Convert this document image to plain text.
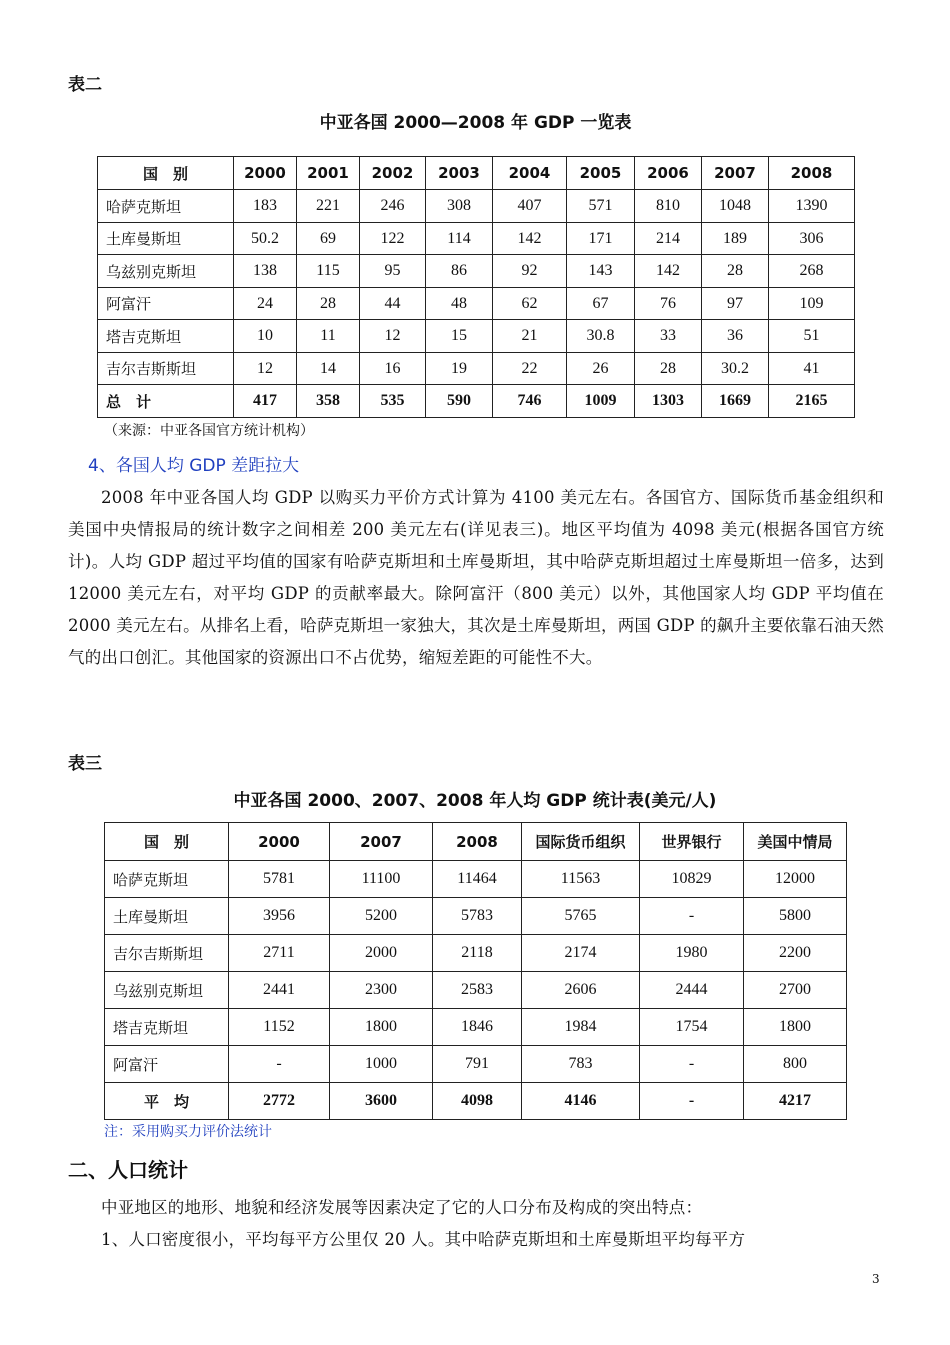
表二
中亚各国 2000—2008 年 GDP 一览表
国　别	2000	2001	2002	2003	2004	2005	2006	2007	2008
哈萨克斯坦	183	221	246	308	407	571	810	1048	1390
土库曼斯坦	50.2	69	122	114	142	171	214	189	306
乌兹别克斯坦	138	115	95	86	92	143	142	28	268
阿富汗	24	28	44	48	62	67	76	97	109
塔吉克斯坦	10	11	12	15	21	30.8	33	36	51
吉尔吉斯斯坦	12	14	16	19	22	26	28	30.2	41
总　计	417	358	535	590	746	1009	1303	1669	2165
（来源：中亚各国官方统计机构）
4、各国人均 GDP 差距拉大

2008 年中亚各国人均 GDP 以购买力平价方式计算为 4100 美元左右。各国官方、国际货币基金组织和美国中央情报局的统计数字之间相差 200 美元左右(详见表三)。地区平均值为 4098 美元(根据各国官方统计)。人均 GDP 超过平均值的国家有哈萨克斯坦和土库曼斯坦，其中哈萨克斯坦超过土库曼斯坦一倍多，达到 12000 美元左右，对平均 GDP 的贡献率最大。除阿富汗（800 美元）以外，其他国家人均 GDP 平均值在 2000 美元左右。从排名上看，哈萨克斯坦一家独大，其次是土库曼斯坦，两国 GDP 的飙升主要依靠石油天然气的出口创汇。其他国家的资源出口不占优势，缩短差距的可能性不大。

表三
中亚各国 2000、2007、2008 年人均 GDP 统计表(美元/人)
国　别	2000	2007	2008	国际货币组织	世界银行	美国中情局
哈萨克斯坦	5781	11100	11464	11563	10829	12000
土库曼斯坦	3956	5200	5783	5765	-	5800
吉尔吉斯斯坦	2711	2000	2118	2174	1980	2200
乌兹别克斯坦	2441	2300	2583	2606	2444	2700
塔吉克斯坦	1152	1800	1846	1984	1754	1800
阿富汗	-	1000	791	783	-	800
平　均	2772	3600	4098	4146	-	4217
注：采用购买力评价法统计
二、人口统计

中亚地区的地形、地貌和经济发展等因素决定了它的人口分布及构成的突出特点：

1、人口密度很小，平均每平方公里仅 20 人。其中哈萨克斯坦和土库曼斯坦平均每平方

3
